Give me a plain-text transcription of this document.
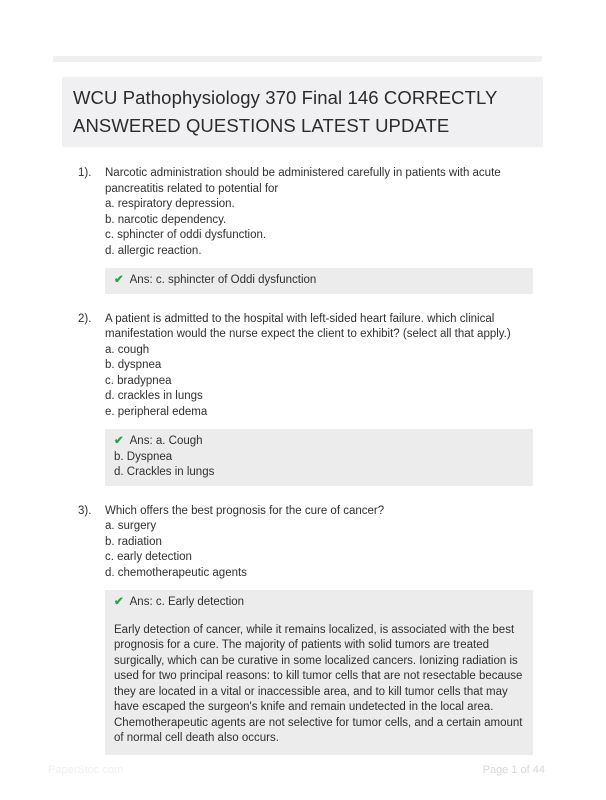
WCU Pathophysiology 370 Final 146 CORRECTLY ANSWERED QUESTIONS LATEST UPDATE
1).	Narcotic administration should be administered carefully in patients with acute pancreatitis related to potential for

a. respiratory depression.

b. narcotic dependency.

c. sphincter of oddi dysfunction.

d. allergic reaction.

✔ Ans: c. sphincter of Oddi dysfunction
2).	A patient is admitted to the hospital with left-sided heart failure. which clinical manifestation would the nurse expect the client to exhibit? (select all that apply.)

a. cough

b. dyspnea

c. bradypnea

d. crackles in lungs

e. peripheral edema

✔ Ans: a. Cough
b. Dyspnea
d. Crackles in lungs
3).	Which offers the best prognosis for the cure of cancer?

a. surgery

b. radiation

c. early detection

d. chemotherapeutic agents

✔ Ans: c. Early detection

Early detection of cancer, while it remains localized, is associated with the best prognosis for a cure. The majority of patients with solid tumors are treated surgically, which can be curative in some localized cancers. Ionizing radiation is used for two principal reasons: to kill tumor cells that are not resectable because they are located in a vital or inaccessible area, and to kill tumor cells that may have escaped the surgeon's knife and remain undetected in the local area. Chemotherapeutic agents are not selective for tumor cells, and a certain amount of normal cell death also occurs.

PaperStoc.com	Page 1 of 44
